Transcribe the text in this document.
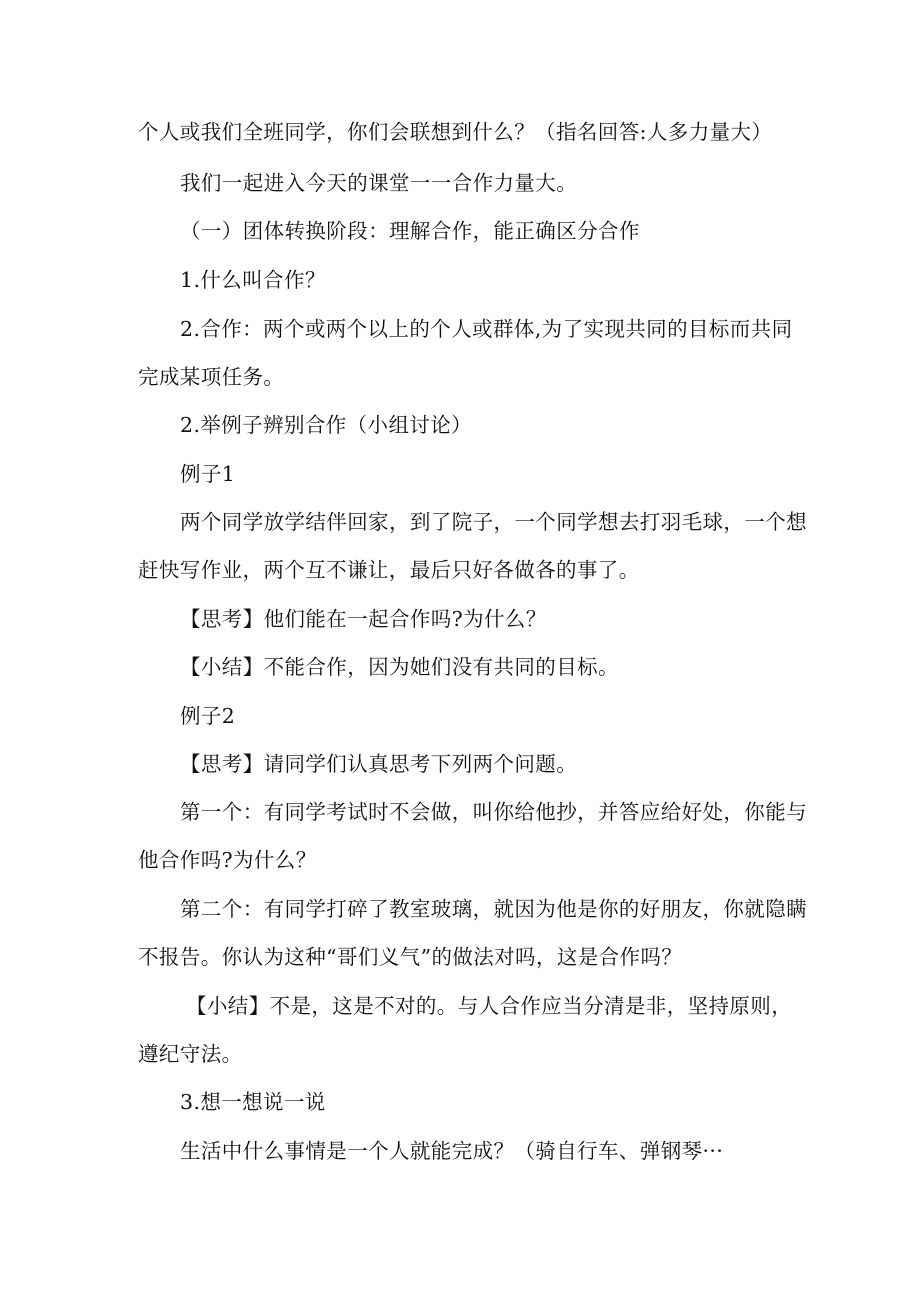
个人或我们全班同学，你们会联想到什么？（指名回答:人多力量大）
我们一起进入今天的课堂一一合作力量大。
（一）团体转换阶段：理解合作，能正确区分合作
1.什么叫合作？
2.合作：两个或两个以上的个人或群体,为了实现共同的目标而共同
完成某项任务。
2.举例子辨别合作（小组讨论）
例子1
两个同学放学结伴回家，到了院子，一个同学想去打羽毛球，一个想
赶快写作业，两个互不谦让，最后只好各做各的事了。
【思考】他们能在一起合作吗?为什么？
【小结】不能合作，因为她们没有共同的目标。
例子2
【思考】请同学们认真思考下列两个问题。
第一个：有同学考试时不会做，叫你给他抄，并答应给好处，你能与
他合作吗?为什么？
第二个：有同学打碎了教室玻璃，就因为他是你的好朋友，你就隐瞒
不报告。你认为这种“哥们义气”的做法对吗，这是合作吗？
【小结】不是，这是不对的。与人合作应当分清是非，坚持原则，
遵纪守法。
3.想一想说一说
生活中什么事情是一个人就能完成？（骑自行车、弹钢琴···
